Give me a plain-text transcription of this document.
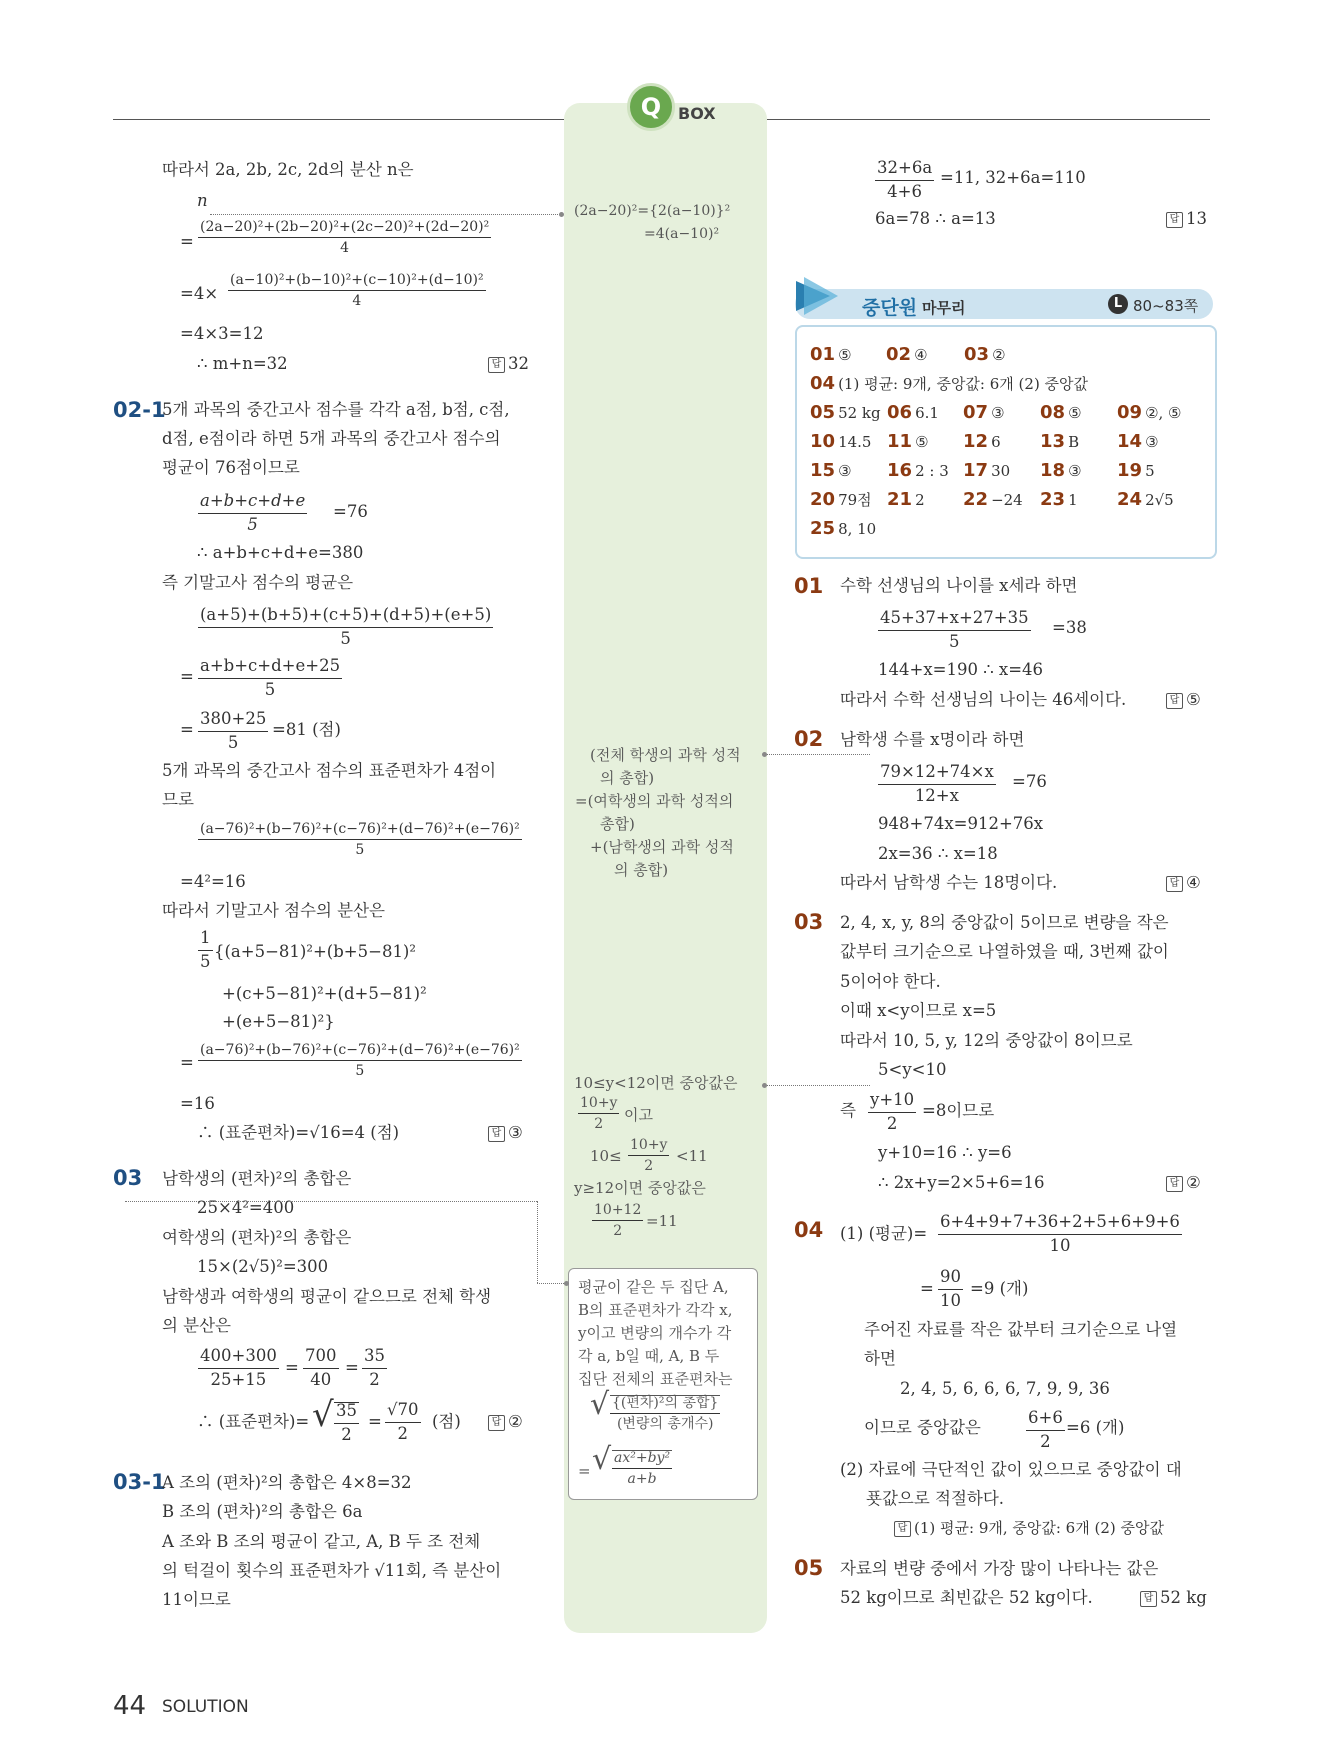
Q	BOX
따라서 2a, 2b, 2c, 2d의 분산 n은
n
= $\frac{\text{(2a−20)²+(2b−20)²+(2c−20)²+(2d−20)²}}{4}$
$=4\times \frac{\text{(a−10)²+(b−10)²+(c−10)²+(d−10)²}}{4}$
=4×3=12
∴ m+n=32	답 32
02-1
5개 과목의 중간고사 점수를 각각 a점, b점, c점,
d점, e점이라 하면 5개 과목의 중간고사 점수의
평균이 76점이므로
$\frac{a+b+c+d+e}{5} =76$
∴ a+b+c+d+e=380
즉 기말고사 점수의 평균은
$\frac{(a+5)+(b+5)+(c+5)+(d+5)+(e+5)}{5}$
= $\frac{a+b+c+d+e+25}{5}$
= $\frac{380+25}{5} =81$ (점)
5개 과목의 중간고사 점수의 표준편차가 4점이
므로
$\frac{\text{(a−76)²+(b−76)²+(c−76)²+(d−76)²+(e−76)²}}{5}$
=4²=16
따라서 기말고사 점수의 분산은
$\frac{1}{5} \{(a+5-81)^2+(b+5-81)^2$
+(c+5−81)²+(d+5−81)²
+(e+5−81)²}
= $\frac{\text{(a−76)²+(b−76)²+(c−76)²+(d−76)²+(e−76)²}}{5}$
=16
∴ (표준편차)=√16=4 (점)	답 ③
03 남학생의 (편차)²의 총합은
25×4²=400
여학생의 (편차)²의 총합은
15×(2√5)²=300
남학생과 여학생의 평균이 같으므로 전체 학생
의 분산은
$\frac{400+300}{25+15} = \frac{700}{40} = \frac{35}{2}$
∴ (표준편차)= √ $\frac{35}{2} = \frac{√70}{2}$ (점)	답 ②
03-1
A 조의 (편차)²의 총합은 4×8=32
B 조의 (편차)²의 총합은 6a
A 조와 B 조의 평균이 같고, A, B 두 조 전체
의 턱걸이 횟수의 표준편차가 √11회, 즉 분산이
11이므로
(2a−20)²={2(a−10)}²
=4(a−10)²
(전체 학생의 과학 성적
의 총합)
=(여학생의 과학 성적의
총합)
+(남학생의 과학 성적
의 총합)
10≤y<12이면 중앙값은
$\frac{10+y}{2}$ 이고
$10\le \frac{10+y}{2} <11$
y≥12이면 중앙값은
$\frac{10+12}{2} =11$
평균이 같은 두 집단 A,
B의 표준편차가 각각 x,
y이고 변량의 개수가 각
각 a, b일 때, A, B 두
집단 전체의 표준편차는
√ {(편차)²의 총합}
(변량의 총개수)
= √ $\frac{\text{ax²+by²}}{a+b}$
$\frac{32+6a}{4+6} =11$, 32+6a=110
6a=78 ∴ a=13	답 13
중단원 마무리	L 80~83쪽
01 ⑤ 02 ④ 03 ②
04 (1) 평균: 9개, 중앙값: 6개 (2) 중앙값
05 52 kg 06 6.1 07 ③ 08 ⑤ 09 ②, ⑤
10 14.5 11 ⑤ 12 6 13 B 14 ③
15 ③ 16 2 : 3 17 30 18 ③ 19 5
20 79점 21 2 22 −24 23 1 24 2√5
25 8, 10
01 수학 선생님의 나이를 x세라 하면
$\frac{45+37+x+27+35}{5} =38$
144+x=190 ∴ x=46
따라서 수학 선생님의 나이는 46세이다.	답 ⑤
02 남학생 수를 x명이라 하면
$\frac{79\times 12+74\times x}{12+x} =76$
948+74x=912+76x
2x=36 ∴ x=18
따라서 남학생 수는 18명이다.	답 ④
03 2, 4, x, y, 8의 중앙값이 5이므로 변량을 작은
값부터 크기순으로 나열하였을 때, 3번째 값이
5이어야 한다.
이때 x<y이므로 x=5
따라서 10, 5, y, 12의 중앙값이 8이므로
5<y<10
즉 $\frac{y+10}{2} =8$이므로
y+10=16 ∴ y=6
∴ 2x+y=2×5+6=16	답 ②
04 (1) (평균)= $\frac{6+4+9+7+36+2+5+6+9+6}{10}$
= $\frac{90}{10} =9$ (개)
주어진 자료를 작은 값부터 크기순으로 나열
하면
2, 4, 5, 6, 6, 6, 7, 9, 9, 36
이므로 중앙값은	$\frac{6+6}{2} =6$ (개)
(2) 자료에 극단적인 값이 있으므로 중앙값이 대
푯값으로 적절하다.
답 (1) 평균: 9개, 중앙값: 6개 (2) 중앙값
05 자료의 변량 중에서 가장 많이 나타나는 값은
52 kg이므로 최빈값은 52 kg이다.	답 52 kg
44 SOLUTION
